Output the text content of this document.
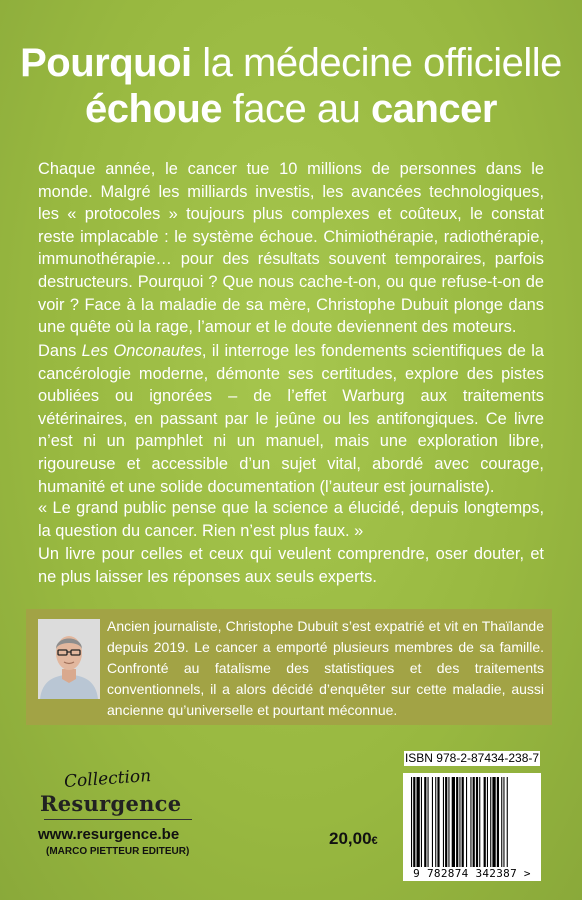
Pourquoi la médecine officielle
échoue face au cancer

Chaque année, le cancer tue 10 millions de personnes dans le monde. Malgré les milliards investis, les avancées technologiques, les « protocoles » toujours plus complexes et coûteux, le constat reste implacable : le système échoue. Chimiothérapie, radiothérapie, immunothérapie… pour des résultats souvent temporaires, parfois destructeurs. Pourquoi ? Que nous cache-t-on, ou que refuse-t-on de voir ? Face à la maladie de sa mère, Christophe Dubuit plonge dans une quête où la rage, l’amour et le doute deviennent des moteurs.

Dans Les Onconautes, il interroge les fondements scientifiques de la cancérologie moderne, démonte ses certitudes, explore des pistes oubliées ou ignorées – de l’effet Warburg aux traitements vétérinaires, en passant par le jeûne ou les antifongiques. Ce livre n’est ni un pamphlet ni un manuel, mais une exploration libre, rigoureuse et accessible d’un sujet vital, abordé avec courage, humanité et une solide documentation (l’auteur est journaliste).

« Le grand public pense que la science a élucidé, depuis longtemps, la question du cancer. Rien n’est plus faux. »

Un livre pour celles et ceux qui veulent comprendre, oser douter, et ne plus laisser les réponses aux seuls experts.

Ancien journaliste, Christophe Dubuit s’est expatrié et vit en Thaïlande depuis 2019. Le cancer a emporté plusieurs membres de sa famille. Confronté au fatalisme des statistiques et des traitements conventionnels, il a alors décidé d’enquêter sur cette maladie, aussi ancienne qu’universelle et pourtant méconnue.

ISBN 978-2-87434-238-7
9 782874 342387 >
20,00€
Collection
Resurgence
www.resurgence.be
(MARCO PIETTEUR EDITEUR)
